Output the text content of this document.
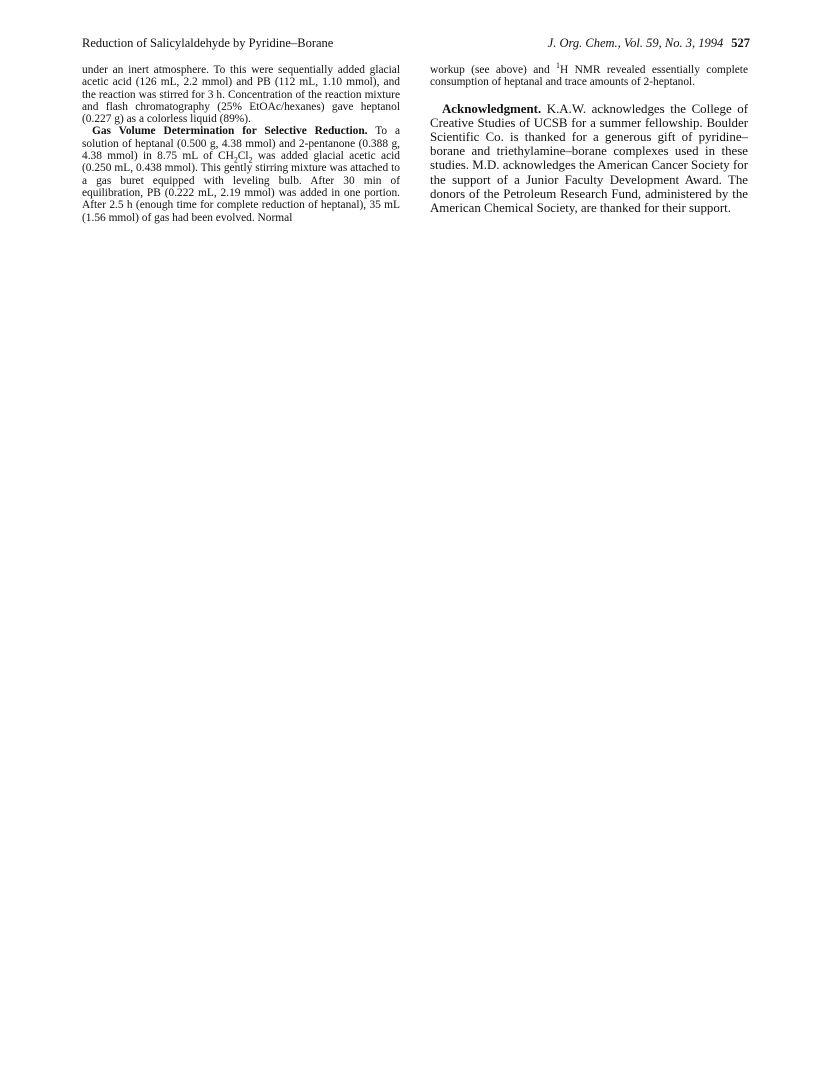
Reduction of Salicylaldehyde by Pyridine–Borane	J. Org. Chem., Vol. 59, No. 3, 1994 527

under an inert atmosphere. To this were sequentially added glacial acetic acid (126 mL, 2.2 mmol) and PB (112 mL, 1.10 mmol), and the reaction was stirred for 3 h. Concentration of the reaction mixture and flash chromatography (25% EtOAc/hexanes) gave heptanol (0.227 g) as a colorless liquid (89%).

Gas Volume Determination for Selective Reduction. To a solution of heptanal (0.500 g, 4.38 mmol) and 2-pentanone (0.388 g, 4.38 mmol) in 8.75 mL of $CH_2Cl_2$ was added glacial acetic acid (0.250 mL, 0.438 mmol). This gently stirring mixture was attached to a gas buret equipped with leveling bulb. After 30 min of equilibration, PB (0.222 mL, 2.19 mmol) was added in one portion. After 2.5 h (enough time for complete reduction of heptanal), 35 mL (1.56 mmol) of gas had been evolved. Normal

workup (see above) and $^1$H NMR revealed essentially complete consumption of heptanal and trace amounts of 2-heptanol.

Acknowledgment. K.A.W. acknowledges the College of Creative Studies of UCSB for a summer fellowship. Boulder Scientific Co. is thanked for a generous gift of pyridine–borane and triethylamine–borane complexes used in these studies. M.D. acknowledges the American Cancer Society for the support of a Junior Faculty Development Award. The donors of the Petroleum Research Fund, administered by the American Chemical Society, are thanked for their support.
